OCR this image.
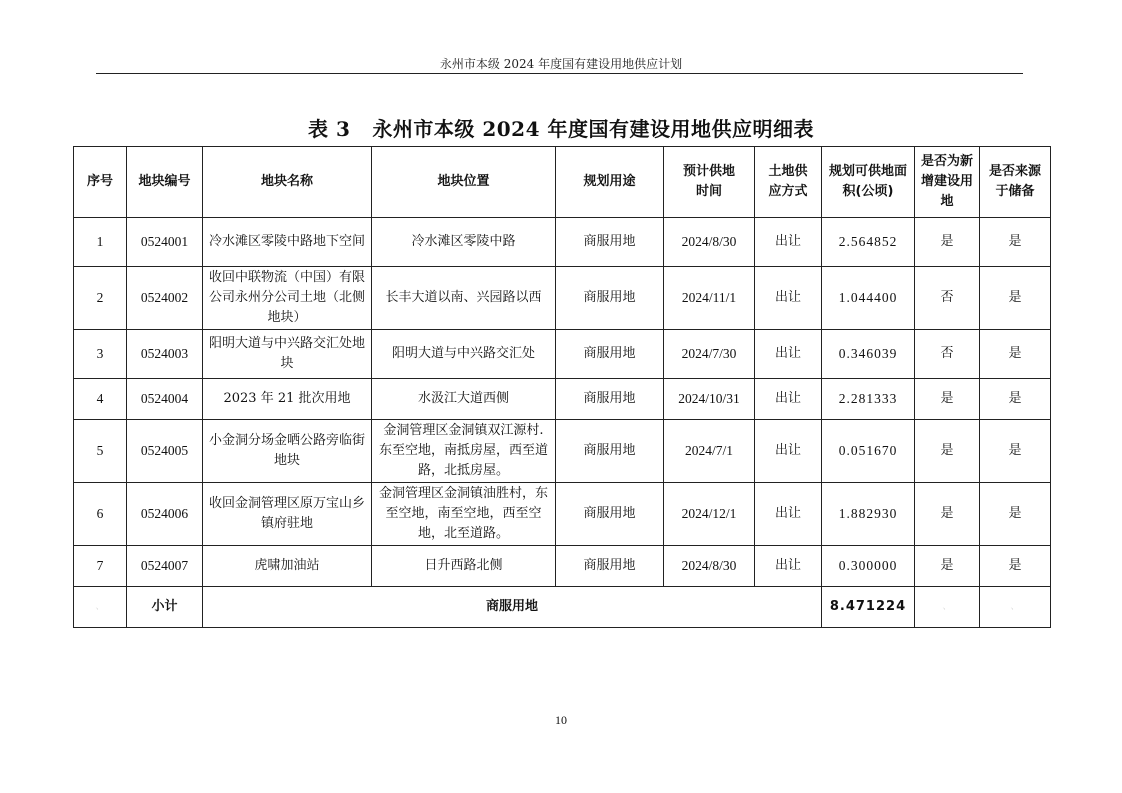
永州市本级 2024 年度国有建设用地供应计划
表 3 永州市本级 2024 年度国有建设用地供应明细表
序号	地块编号	地块名称	地块位置	规划用途	预计供地时间	土地供应方式	规划可供地面积(公顷)	是否为新增建设用地	是否来源于储备
1	0524001	冷水滩区零陵中路地下空间	冷水滩区零陵中路	商服用地	2024/8/30	出让	2.564852	是	是
2	0524002	收回中联物流（中国）有限公司永州分公司土地（北侧地块）	长丰大道以南、兴园路以西	商服用地	2024/11/1	出让	1.044400	否	是
3	0524003	阳明大道与中兴路交汇处地块	阳明大道与中兴路交汇处	商服用地	2024/7/30	出让	0.346039	否	是
4	0524004	2023 年 21 批次用地	水汲江大道西侧	商服用地	2024/10/31	出让	2.281333	是	是
5	0524005	小金洞分场金哂公路旁临街地块	金洞管理区金洞镇双江源村. 东至空地，南抵房屋，西至道路，北抵房屋。	商服用地	2024/7/1	出让	0.051670	是	是
6	0524006	收回金洞管理区原万宝山乡镇府驻地	金洞管理区金洞镇油胜村，东至空地，南至空地，西至空地，北至道路。	商服用地	2024/12/1	出让	1.882930	是	是
7	0524007	虎啸加油站	日升西路北侧	商服用地	2024/8/30	出让	0.300000	是	是
、	小计	商服用地					8.471224	、	、
10
